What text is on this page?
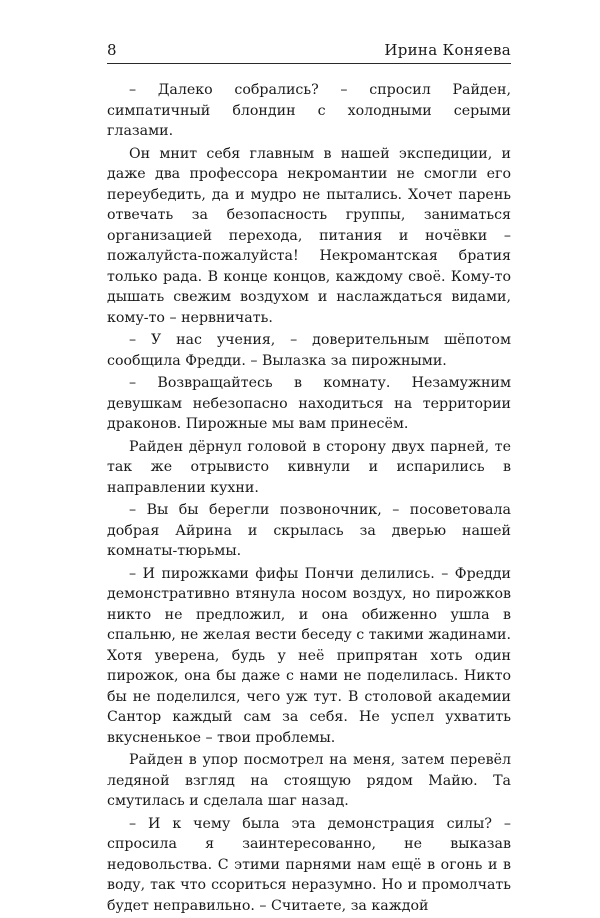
8	Ирина Коняева

– Далеко собрались? – спросил Райден, симпатичный блондин с холодными серыми глазами.

Он мнит себя главным в нашей экспедиции, и даже два профессора некромантии не смогли его переубедить, да и мудро не пытались. Хочет парень отвечать за безопасность группы, заниматься организацией перехода, питания и ночёвки – пожалуйста-пожалуйста! Некромантская братия только рада. В конце концов, каждому своё. Кому-то дышать свежим воздухом и наслаждаться видами, кому-то – нервничать.

– У нас учения, – доверительным шёпотом сообщила Фредди. – Вылазка за пирожными.

– Возвращайтесь в комнату. Незамужним девушкам небезопасно находиться на территории драконов. Пирожные мы вам принесём.

Райден дёрнул головой в сторону двух парней, те так же отрывисто кивнули и испарились в направлении кухни.

– Вы бы берегли позвоночник, – посоветовала добрая Айрина и скрылась за дверью нашей комнаты-тюрьмы.

– И пирожками фифы Пончи делились. – Фредди демонстративно втянула носом воздух, но пирожков никто не предложил, и она обиженно ушла в спальню, не желая вести беседу с такими жадинами. Хотя уверена, будь у неё припрятан хоть один пирожок, она бы даже с нами не поделилась. Никто бы не поделился, чего уж тут. В столовой академии Сантор каждый сам за себя. Не успел ухватить вкусненькое – твои проблемы.

Райден в упор посмотрел на меня, затем перевёл ледяной взгляд на стоящую рядом Майю. Та смутилась и сделала шаг назад.

– И к чему была эта демонстрация силы? – спросила я заинтересованно, не выказав недовольства. С этими парнями нам ещё в огонь и в воду, так что ссориться неразумно. Но и промолчать будет неправильно. – Считаете, за каждой
